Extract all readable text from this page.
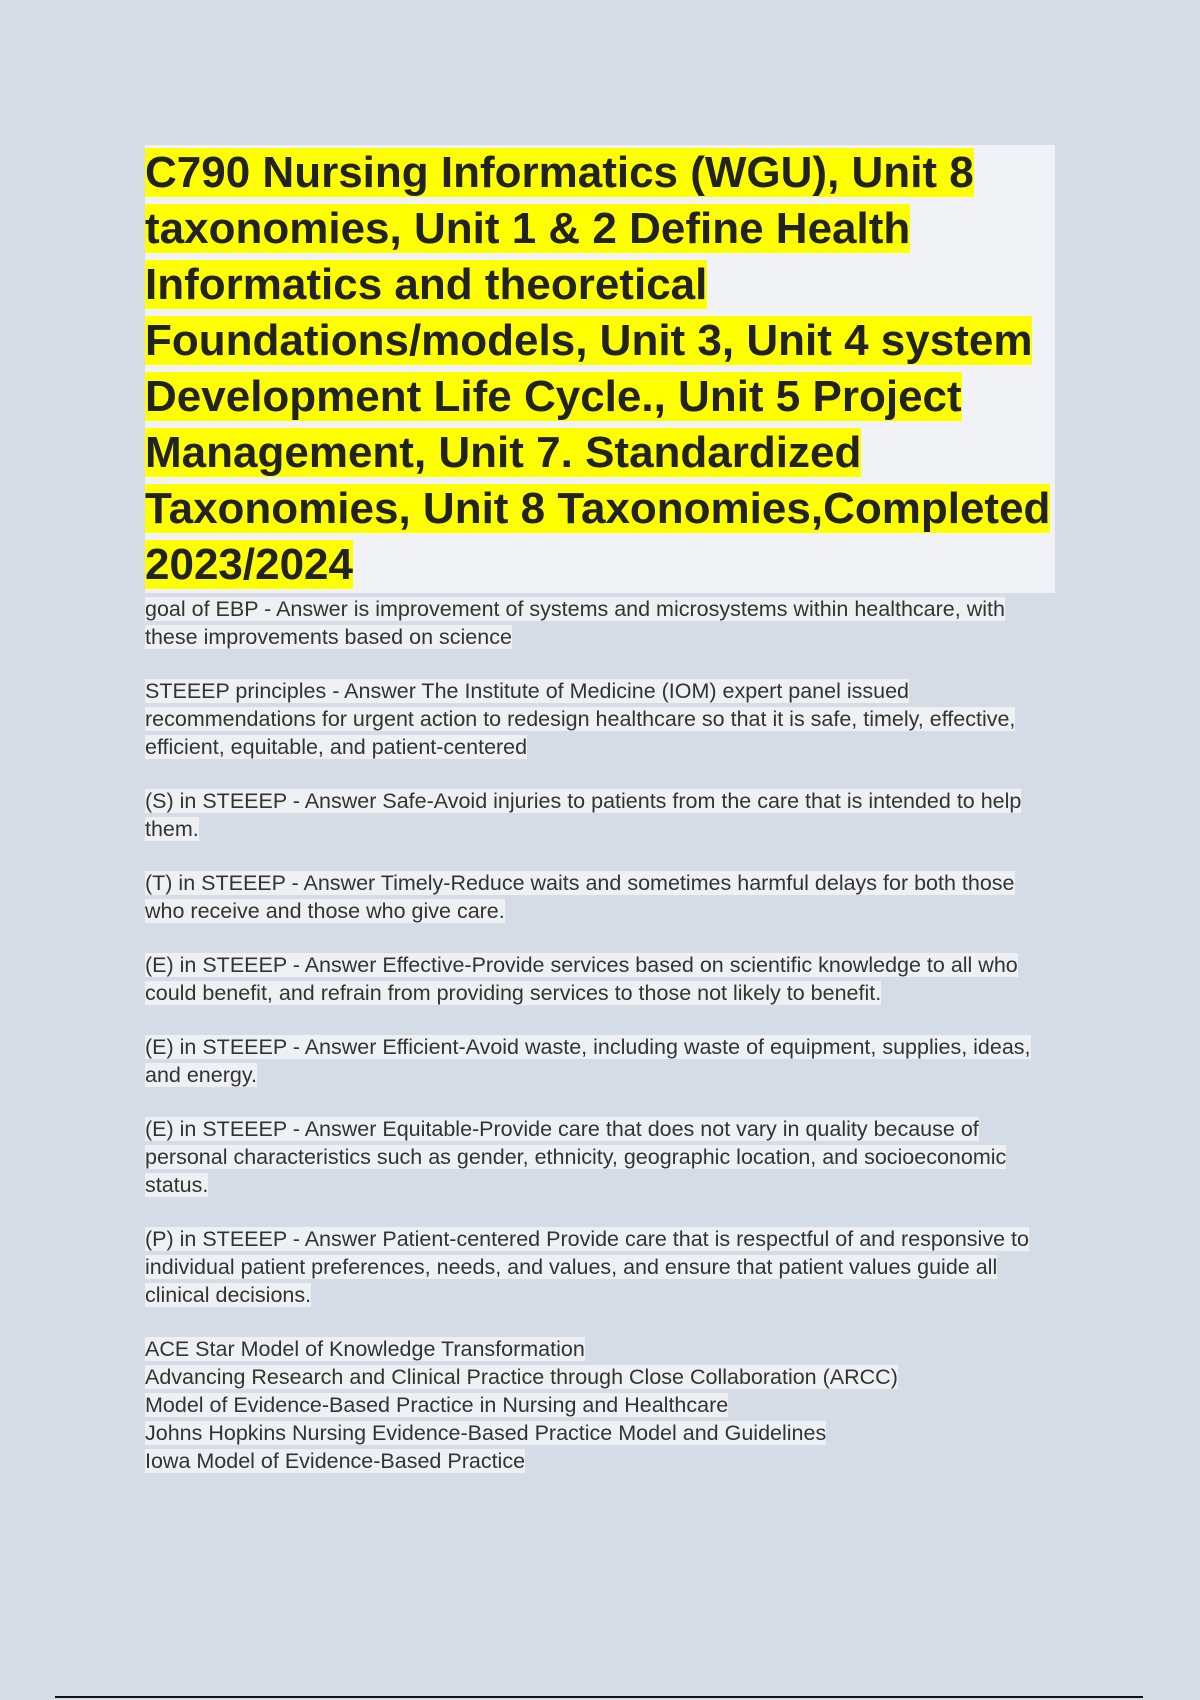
C790 Nursing Informatics (WGU), Unit 8 taxonomies, Unit 1 & 2 Define Health Informatics and theoretical Foundations/models, Unit 3, Unit 4 system Development Life Cycle., Unit 5 Project Management, Unit 7. Standardized Taxonomies, Unit 8 Taxonomies,Completed 2023/2024

goal of EBP - Answer is improvement of systems and microsystems within healthcare, with these improvements based on science

STEEEP principles - Answer The Institute of Medicine (IOM) expert panel issued recommendations for urgent action to redesign healthcare so that it is safe, timely, effective, efficient, equitable, and patient-centered

(S) in STEEEP - Answer Safe-Avoid injuries to patients from the care that is intended to help them.

(T) in STEEEP - Answer Timely-Reduce waits and sometimes harmful delays for both those who receive and those who give care.

(E) in STEEEP - Answer Effective-Provide services based on scientific knowledge to all who could benefit, and refrain from providing services to those not likely to benefit.

(E) in STEEEP - Answer Efficient-Avoid waste, including waste of equipment, supplies, ideas, and energy.

(E) in STEEEP - Answer Equitable-Provide care that does not vary in quality because of personal characteristics such as gender, ethnicity, geographic location, and socioeconomic status.

(P) in STEEEP - Answer Patient-centered Provide care that is respectful of and responsive to individual patient preferences, needs, and values, and ensure that patient values guide all clinical decisions.

ACE Star Model of Knowledge Transformation

Advancing Research and Clinical Practice through Close Collaboration (ARCC)

Model of Evidence-Based Practice in Nursing and Healthcare

Johns Hopkins Nursing Evidence-Based Practice Model and Guidelines

Iowa Model of Evidence-Based Practice
